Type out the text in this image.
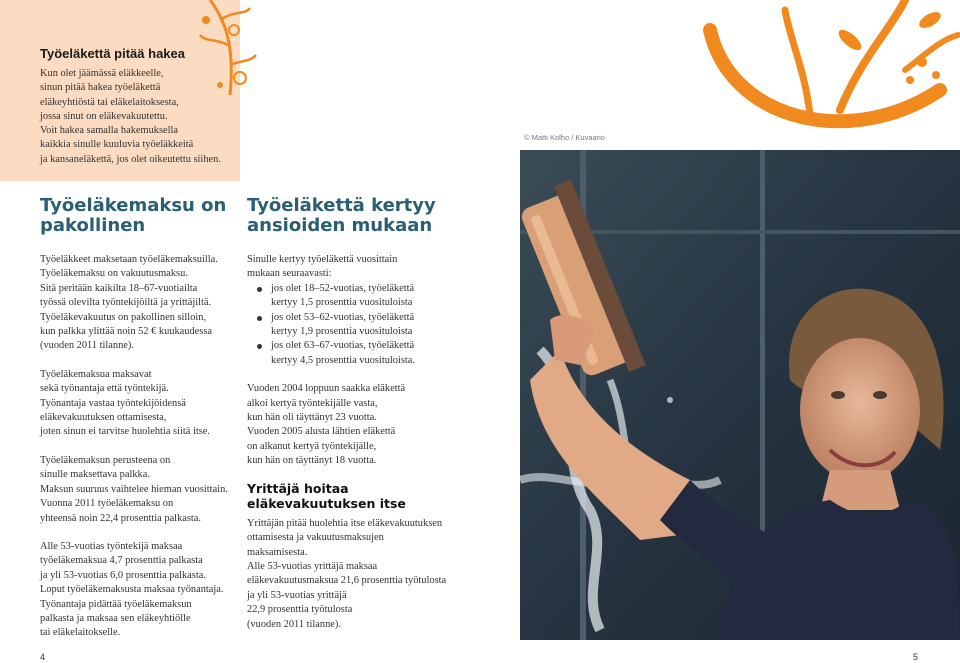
Työeläkettä pitää hakea
Kun olet jäämässä eläkkeelle,
sinun pitää hakea työeläkettä
eläkeyhtiöstä tai eläkelaitoksesta,
jossa sinut on eläkevakuutettu.
Voit hakea samalla hakemuksella
kaikkia sinulle kuuluvia työeläkkeitä
ja kansaneläkettä, jos olet oikeutettu siihen.
© Matti Kolho / Kuvaario
Työeläkemaksu on
pakollinen
Työeläkkeet maksetaan työeläkemaksuilla.
Työeläkemaksu on vakuutusmaksu.
Sitä peritään kaikilta 18–67-vuotiailta
työssä olevilta työntekijöiltä ja yrittäjiltä.
Työeläkevakuutus on pakollinen silloin,
kun palkka ylittää noin 52 € kuukaudessa
(vuoden 2011 tilanne).
Työeläkemaksua maksavat
sekä työnantaja että työntekijä.
Työnantaja vastaa työntekijöidensä
eläkevakuutuksen ottamisesta,
joten sinun ei tarvitse huolehtia siitä itse.
Työeläkemaksun perusteena on
sinulle maksettava palkka.
Maksun suuruus vaihtelee hieman vuosittain.
Vuonna 2011 työeläkemaksu on
yhteensä noin 22,4 prosenttia palkasta.
Alle 53-vuotias työntekijä maksaa
työeläkemaksua 4,7 prosenttia palkasta
ja yli 53-vuotias 6,0 prosenttia palkasta.
Loput työeläkemaksusta maksaa työnantaja.
Työnantaja pidättää työeläkemaksun
palkasta ja maksaa sen eläkeyhtiölle
tai eläkelaitokselle.
Työeläkettä kertyy
ansioiden mukaan
Sinulle kertyy työeläkettä vuosittain
mukaan seuraavasti:
jos olet 18–52-vuotias, työeläkettä
kertyy 1,5 prosenttia vuosituloista
jos olet 53–62-vuotias, työeläkettä
kertyy 1,9 prosenttia vuosituloista
jos olet 63–67-vuotias, työeläkettä
kertyy 4,5 prosenttia vuosituloista.
Vuoden 2004 loppuun saakka eläkettä
alkoi kertyä työntekijälle vasta,
kun hän oli täyttänyt 23 vuotta.
Vuoden 2005 alusta lähtien eläkettä
on alkanut kertyä työntekijälle,
kun hän on täyttänyt 18 vuotta.
Yrittäjä hoitaa
eläkevakuutuksen itse
Yrittäjän pitää huolehtia itse eläkevakuutuksen
ottamisesta ja vakuutusmaksujen
maksamisesta.
Alle 53-vuotias yrittäjä maksaa
eläkevakuutusmaksua 21,6 prosenttia työtulosta
ja yli 53-vuotias yrittäjä
22,9 prosenttia työtulosta
(vuoden 2011 tilanne).
4	5
